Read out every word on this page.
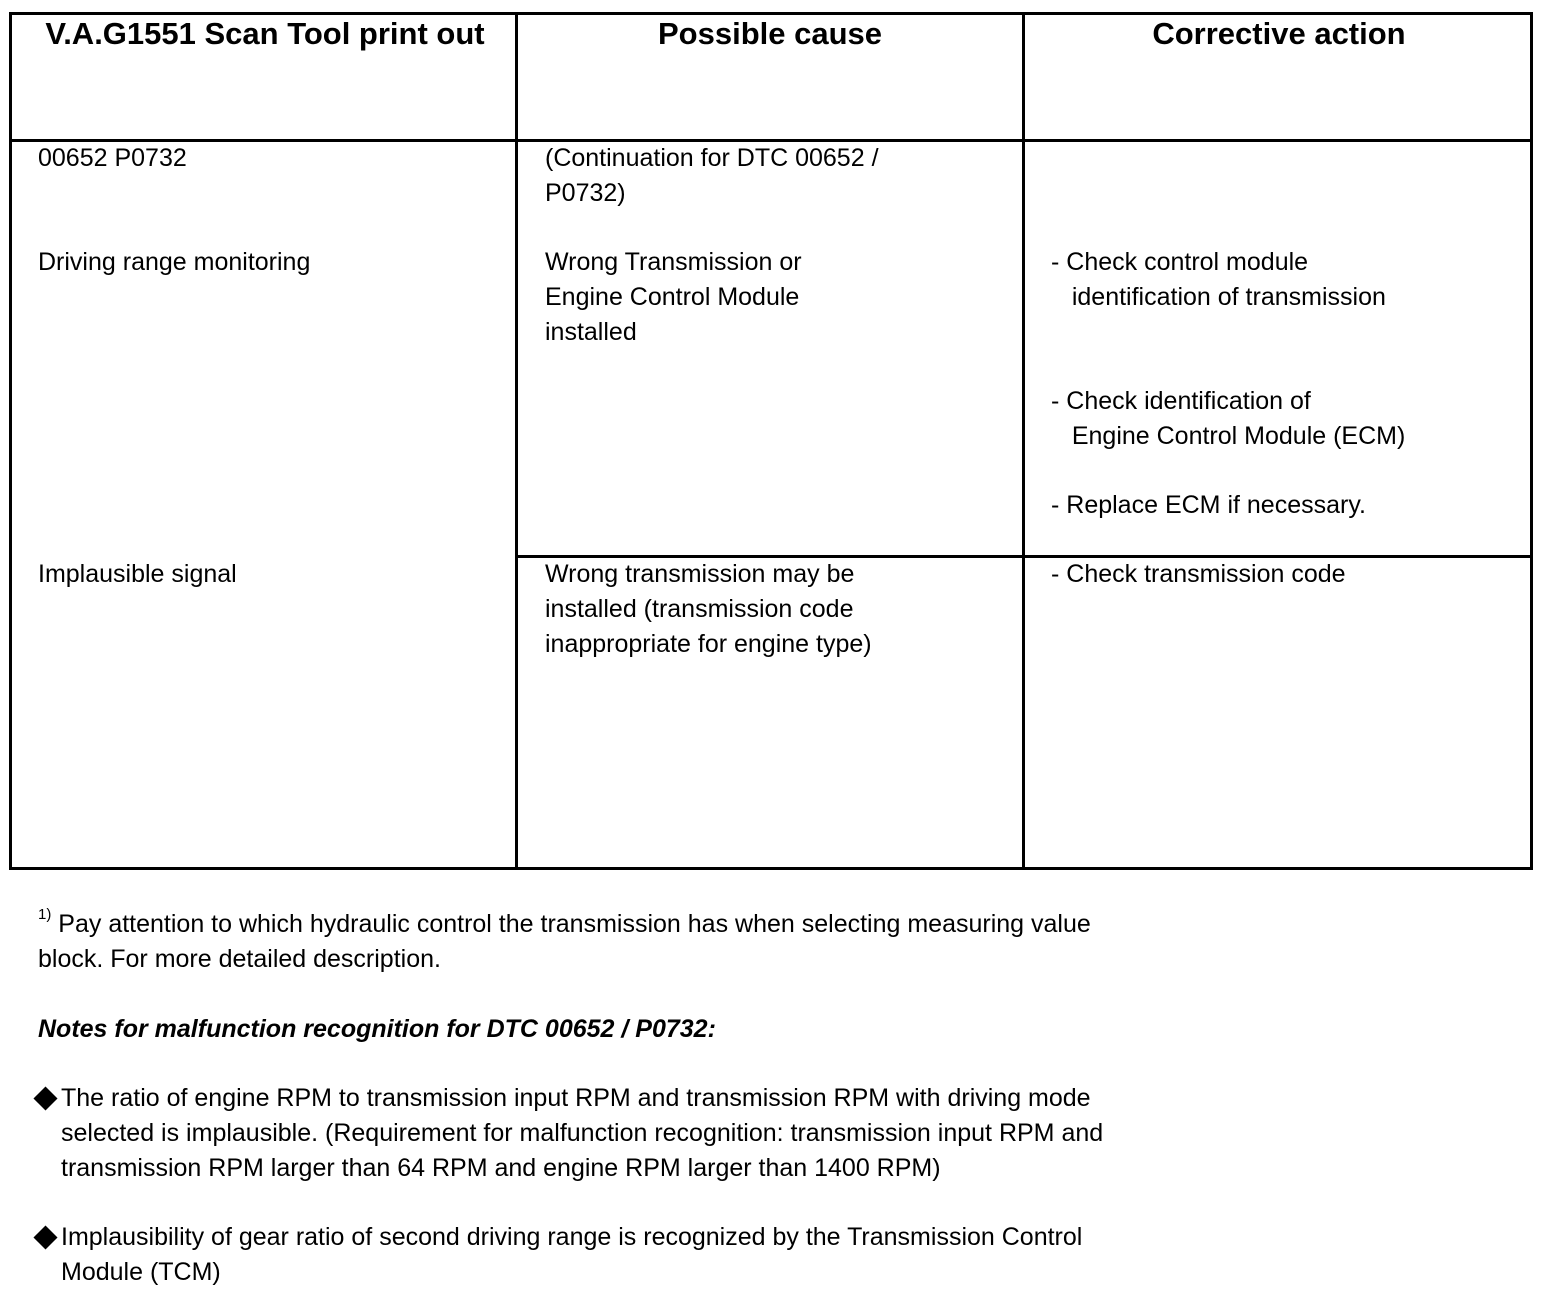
V.A.G1551 Scan Tool print out	Possible cause	Corrective action
00652 P0732
Driving range monitoring
Implausible signal
(Continuation for DTC 00652 /
P0732)
Wrong Transmission or
Engine Control Module
installed
Wrong transmission may be
installed (transmission code
inappropriate for engine type)
- Check control module
identification of transmission
- Check identification of
Engine Control Module (ECM)
- Replace ECM if necessary.
- Check transmission code
$^{1)}$ Pay attention to which hydraulic control the transmission has when selecting measuring value
block. For more detailed description.
Notes for malfunction recognition for DTC 00652 / P0732:
The ratio of engine RPM to transmission input RPM and transmission RPM with driving mode
selected is implausible. (Requirement for malfunction recognition: transmission input RPM and
transmission RPM larger than 64 RPM and engine RPM larger than 1400 RPM)
Implausibility of gear ratio of second driving range is recognized by the Transmission Control
Module (TCM)
